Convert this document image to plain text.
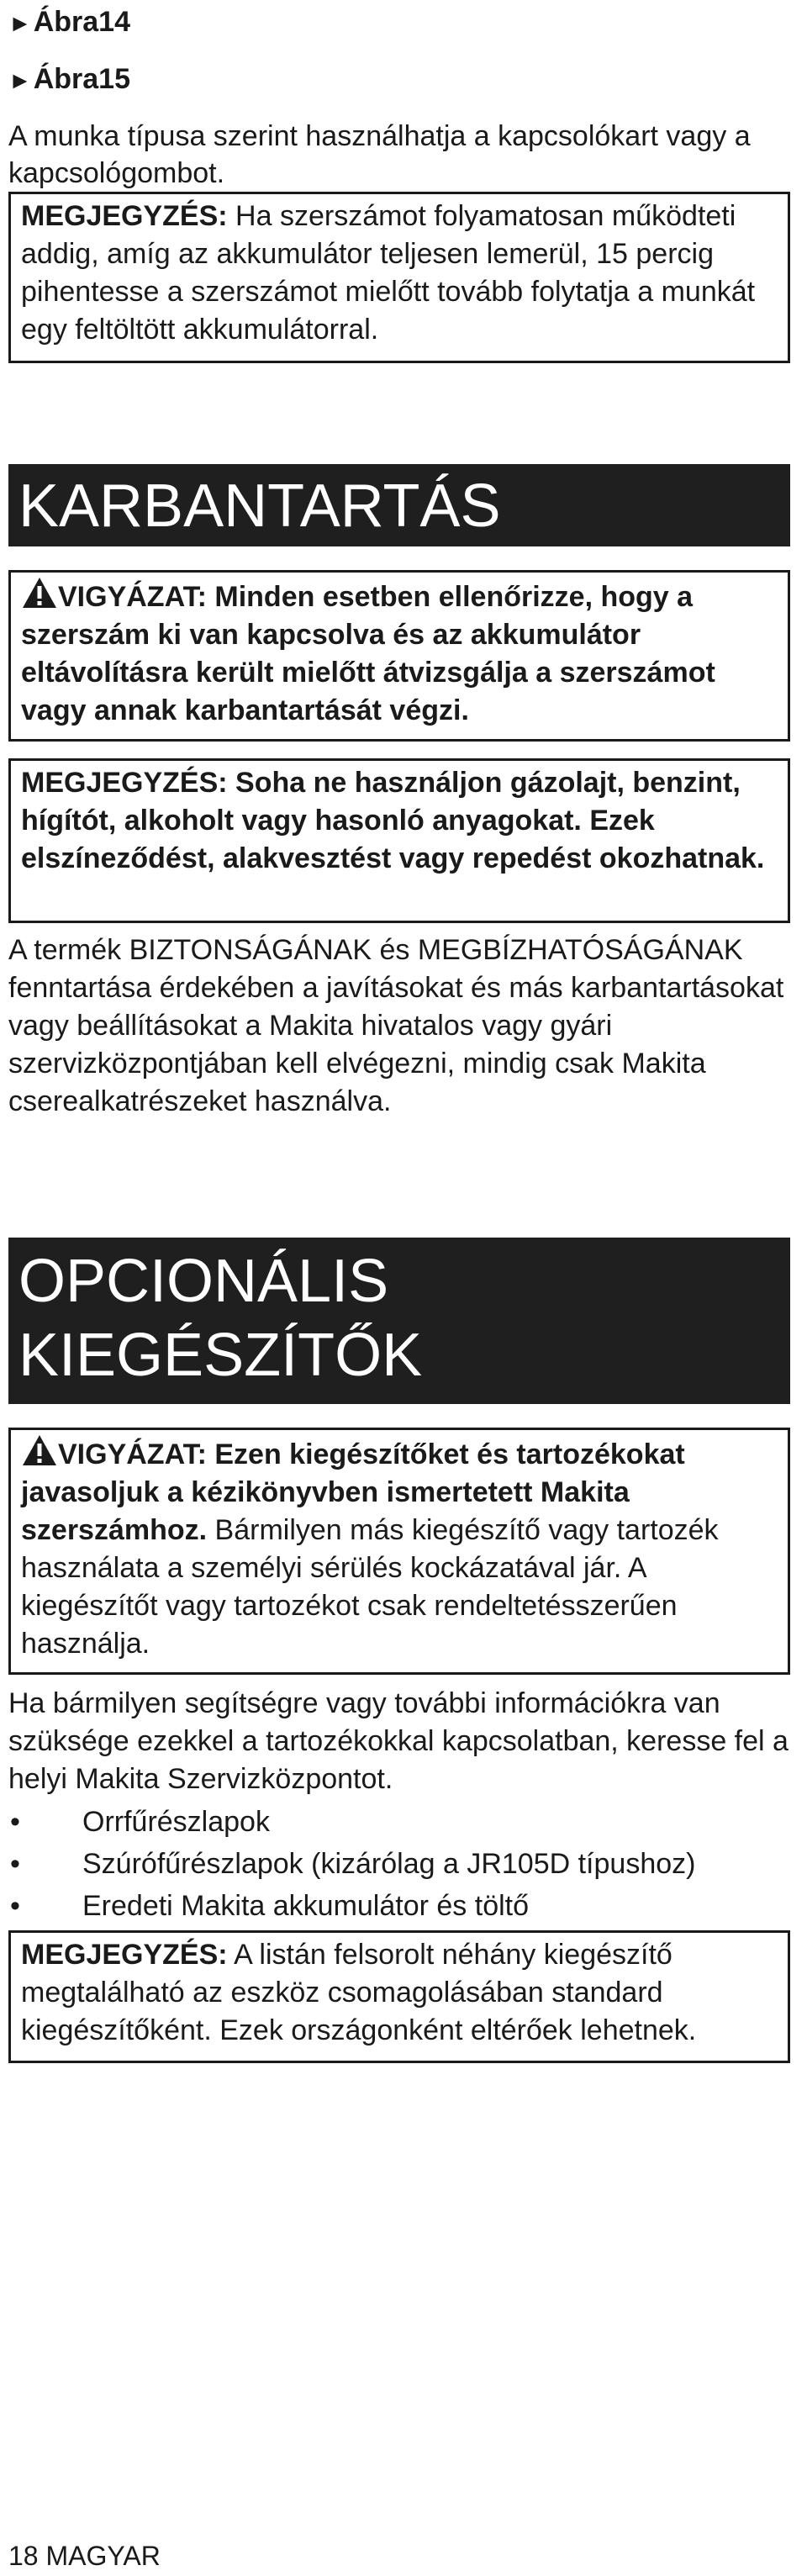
►Ábra14
►Ábra15
A munka típusa szerint használhatja a kapcsolókart vagy a kapcsológombot.
MEGJEGYZÉS: Ha szerszámot folyamatosan működteti addig, amíg az akkumulátor teljesen lemerül, 15 percig pihentesse a szerszámot mielőtt tovább folytatja a munkát egy feltöltött akkumulátorral.
KARBANTARTÁS
VIGYÁZAT: Minden esetben ellenőrizze, hogy a szerszám ki van kapcsolva és az akkumulátor eltávolításra került mielőtt átvizsgálja a szerszámot vagy annak karbantartását végzi.
MEGJEGYZÉS: Soha ne használjon gázolajt, benzint, hígítót, alkoholt vagy hasonló anyagokat. Ezek elszíneződést, alakvesztést vagy repedést okozhatnak.
A termék BIZTONSÁGÁNAK és MEGBÍZHATÓSÁGÁNAK fenntartása érdekében a javításokat és más karbantartásokat vagy beállításokat a Makita hivatalos vagy gyári szervizközpontjában kell elvégezni, mindig csak Makita cserealkatrészeket használva.
OPCIONÁLIS
KIEGÉSZÍTŐK
VIGYÁZAT: Ezen kiegészítőket és tartozékokat javasoljuk a kézikönyvben ismertetett Makita szerszámhoz. Bármilyen más kiegészítő vagy tartozék használata a személyi sérülés kockázatával jár. A kiegészítőt vagy tartozékot csak rendeltetésszerűen használja.
Ha bármilyen segítségre vagy további információkra van szüksége ezekkel a tartozékokkal kapcsolatban, keresse fel a helyi Makita Szervizközpontot.
• Orrfűrészlapok
• Szúrófűrészlapok (kizárólag a JR105D típushoz)
• Eredeti Makita akkumulátor és töltő
MEGJEGYZÉS: A listán felsorolt néhány kiegészítő megtalálható az eszköz csomagolásában standard kiegészítőként. Ezek országonként eltérőek lehetnek.
18 MAGYAR
